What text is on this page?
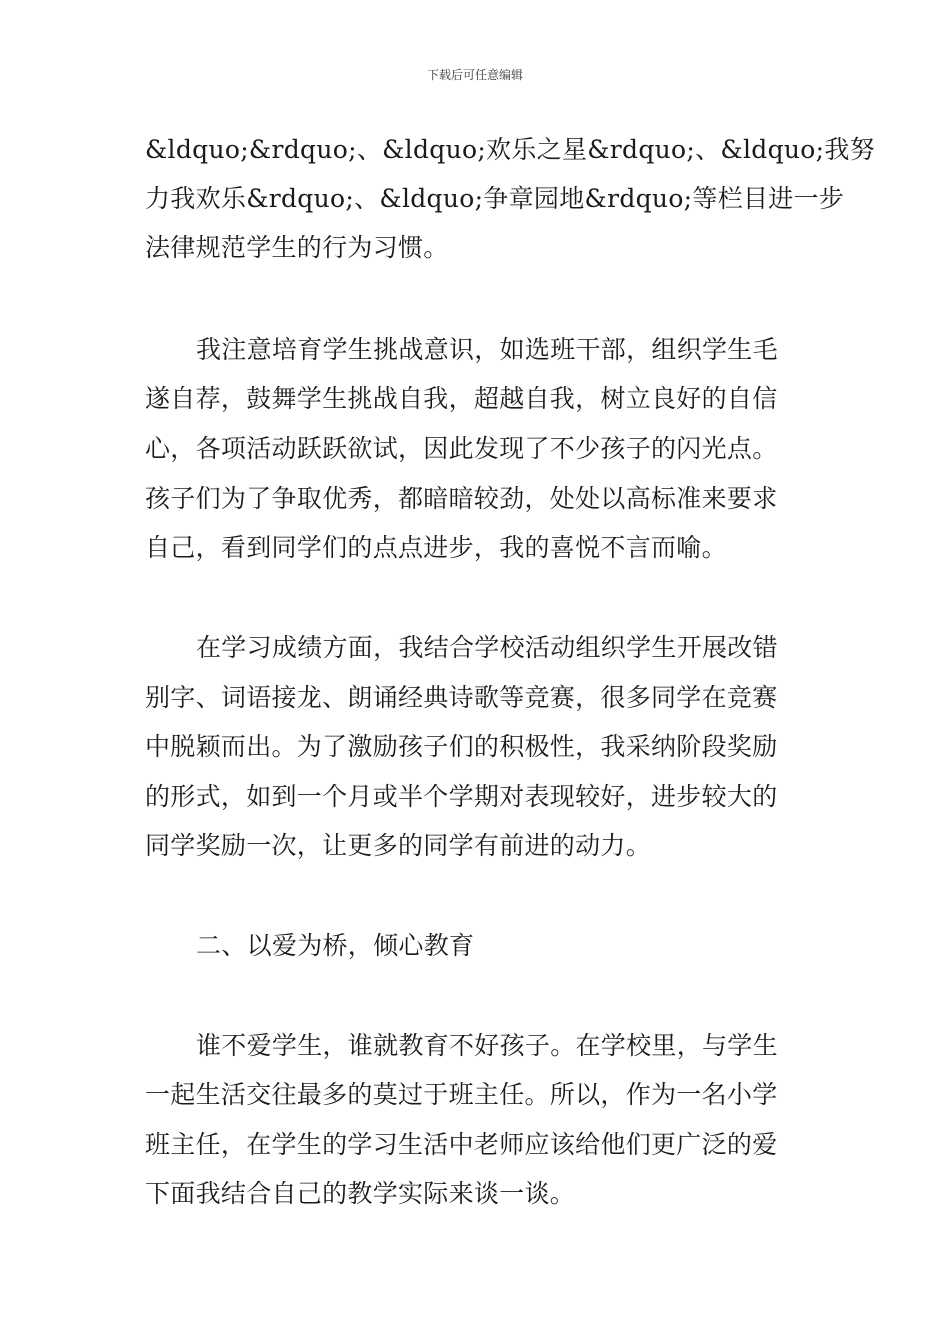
下载后可任意编辑
&ldquo;&rdquo;、&ldquo;欢乐之星&rdquo;、&ldquo;我努
力我欢乐&rdquo;、&ldquo;争章园地&rdquo;等栏目进一步
法律规范学生的行为习惯。
我注意培育学生挑战意识，如选班干部，组织学生毛
遂自荐，鼓舞学生挑战自我，超越自我，树立良好的自信
心，各项活动跃跃欲试，因此发现了不少孩子的闪光点。
孩子们为了争取优秀，都暗暗较劲，处处以高标准来要求
自己，看到同学们的点点进步，我的喜悦不言而喻。
在学习成绩方面，我结合学校活动组织学生开展改错
别字、词语接龙、朗诵经典诗歌等竞赛，很多同学在竞赛
中脱颖而出。为了激励孩子们的积极性，我采纳阶段奖励
的形式，如到一个月或半个学期对表现较好，进步较大的
同学奖励一次，让更多的同学有前进的动力。
二、以爱为桥，倾心教育
谁不爱学生，谁就教育不好孩子。在学校里，与学生
一起生活交往最多的莫过于班主任。所以，作为一名小学
班主任，在学生的学习生活中老师应该给他们更广泛的爱
下面我结合自己的教学实际来谈一谈。
